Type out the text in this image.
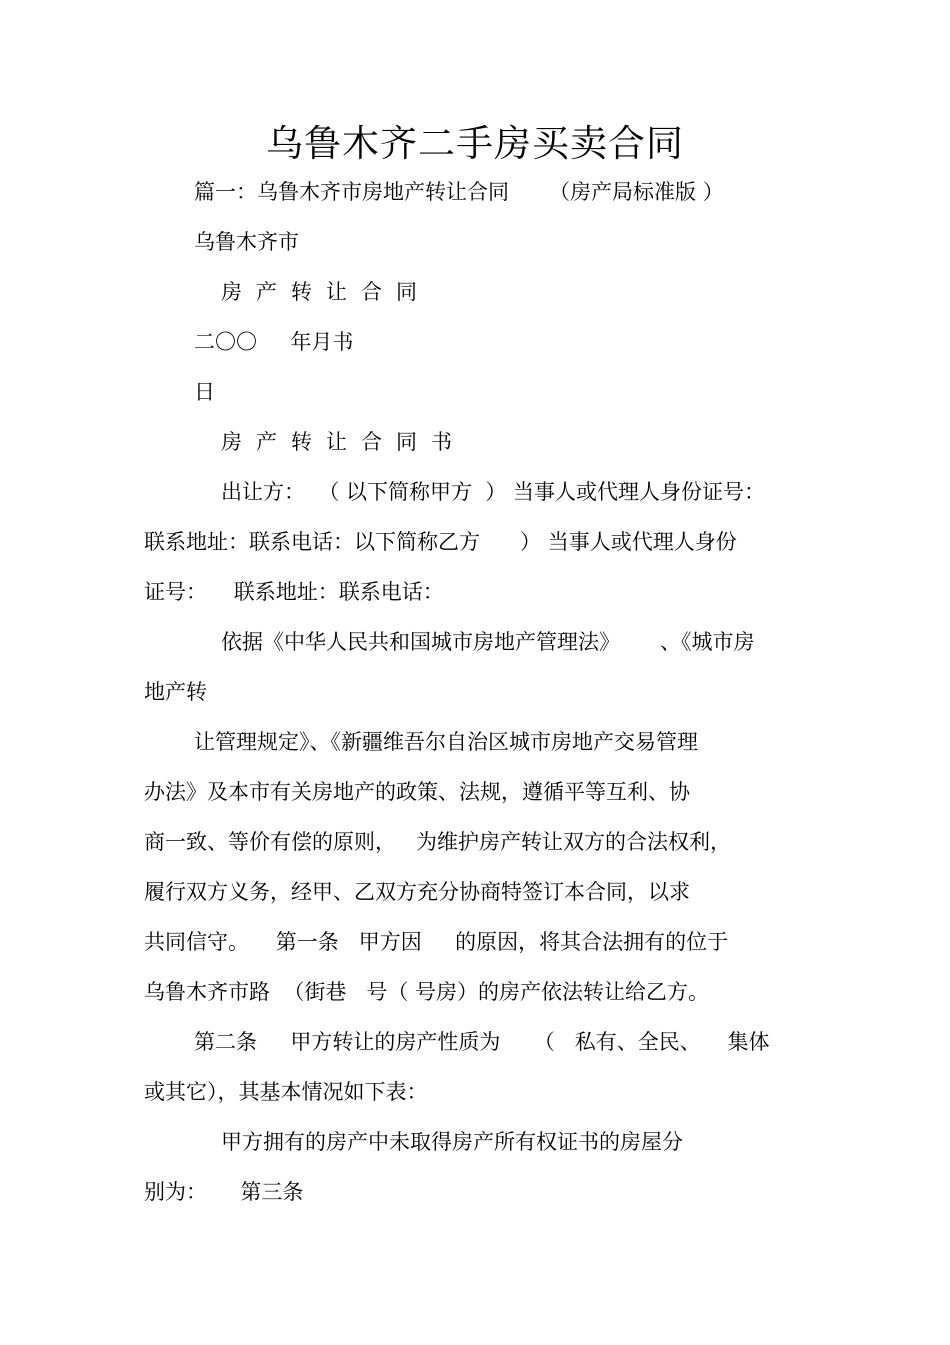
乌鲁木齐二手房买卖合同
篇一：乌鲁木齐市房地产转让合同      （房产局标准版 ）
乌鲁木齐市
房产转让合同
二〇〇     年月书
日
房产转让合同书
出让方：  （ 以下简称甲方  ） 当事人或代理人身份证号：
联系地址：联系电话：以下简称乙方      ） 当事人或代理人身份
证号：    联系地址：联系电话：
依据《中华人民共和国城市房地产管理法》      、《城市房
地产转
让管理规定》、《新疆维吾尔自治区城市房地产交易管理
办法》及本市有关房地产的政策、法规，遵循平等互利、协
商一致、等价有偿的原则，   为维护房产转让双方的合法权利，
履行双方义务，经甲、乙双方充分协商特签订本合同，以求
共同信守。    第一条   甲方因     的原因，将其合法拥有的位于
乌鲁木齐市路  （街巷   号（ 号房）的房产依法转让给乙方。
第二条     甲方转让的房产性质为     （   私有、全民、    集体
或其它），其基本情况如下表：
甲方拥有的房产中未取得房产所有权证书的房屋分
别为：     第三条
